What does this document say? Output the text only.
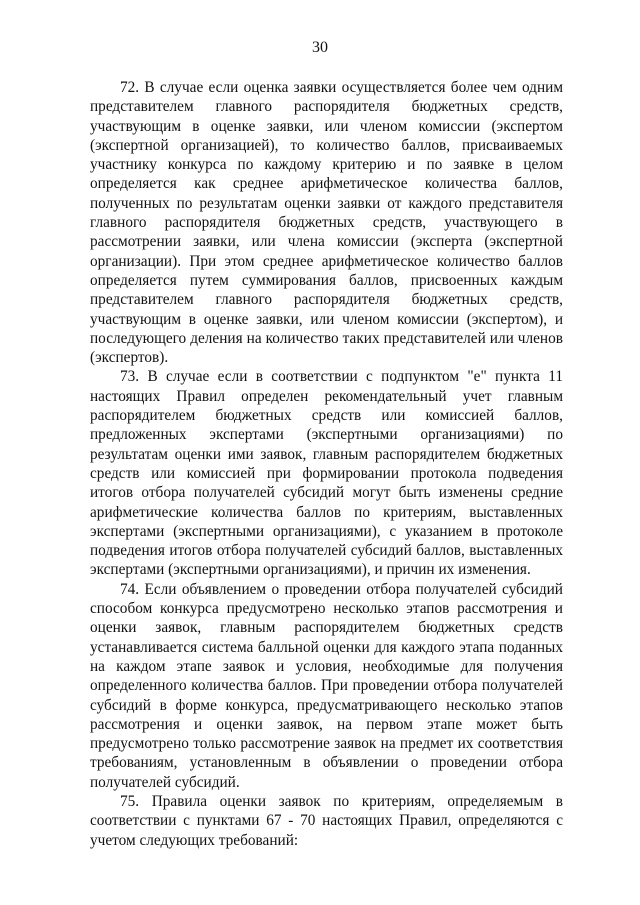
30

72. В случае если оценка заявки осуществляется более чем одним представителем главного распорядителя бюджетных средств, участвующим в оценке заявки, или членом комиссии (экспертом (экспертной организацией), то количество баллов, присваиваемых участнику конкурса по каждому критерию и по заявке в целом определяется как среднее арифметическое количества баллов, полученных по результатам оценки заявки от каждого представителя главного распорядителя бюджетных средств, участвующего в рассмотрении заявки, или члена комиссии (эксперта (экспертной организации). При этом среднее арифметическое количество баллов определяется путем суммирования баллов, присвоенных каждым представителем главного распорядителя бюджетных средств, участвующим в оценке заявки, или членом комиссии (экспертом), и последующего деления на количество таких представителей или членов (экспертов).

73. В случае если в соответствии с подпунктом "е" пункта 11 настоящих Правил определен рекомендательный учет главным распорядителем бюджетных средств или комиссией баллов, предложенных экспертами (экспертными организациями) по результатам оценки ими заявок, главным распорядителем бюджетных средств или комиссией при формировании протокола подведения итогов отбора получателей субсидий могут быть изменены средние арифметические количества баллов по критериям, выставленных экспертами (экспертными организациями), с указанием в протоколе подведения итогов отбора получателей субсидий баллов, выставленных экспертами (экспертными организациями), и причин их изменения.

74. Если объявлением о проведении отбора получателей субсидий способом конкурса предусмотрено несколько этапов рассмотрения и оценки заявок, главным распорядителем бюджетных средств устанавливается система балльной оценки для каждого этапа поданных на каждом этапе заявок и условия, необходимые для получения определенного количества баллов. При проведении отбора получателей субсидий в форме конкурса, предусматривающего несколько этапов рассмотрения и оценки заявок, на первом этапе может быть предусмотрено только рассмотрение заявок на предмет их соответствия требованиям, установленным в объявлении о проведении отбора получателей субсидий.

75. Правила оценки заявок по критериям, определяемым в соответствии с пунктами 67 - 70 настоящих Правил, определяются с учетом следующих требований:
